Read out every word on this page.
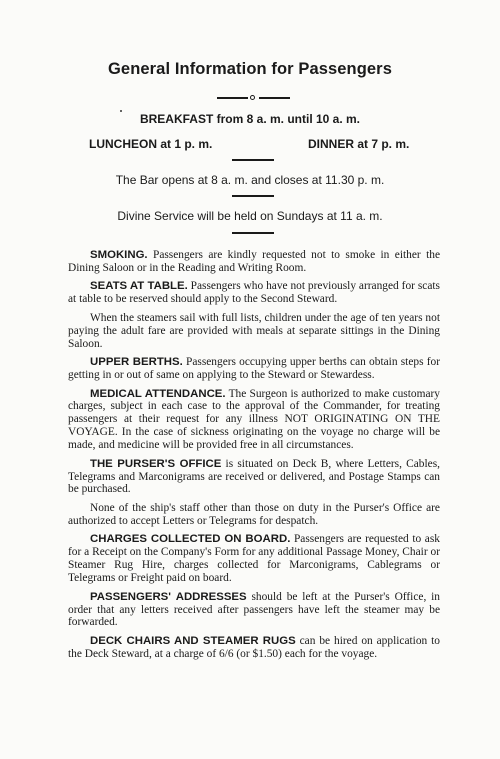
General Information for Passengers
BREAKFAST from 8 a. m. until 10 a. m.
LUNCHEON at 1 p. m.	DINNER at 7 p. m.
The Bar opens at 8 a. m. and closes at 11.30 p. m.
Divine Service will be held on Sundays at 11 a. m.

SMOKING. Passengers are kindly requested not to smoke in either the Dining Saloon or in the Reading and Writing Room.

SEATS AT TABLE. Passengers who have not previously arranged for scats at table to be reserved should apply to the Second Steward.

When the steamers sail with full lists, children under the age of ten years not paying the adult fare are provided with meals at separate sittings in the Dining Saloon.

UPPER BERTHS. Passengers occupying upper berths can obtain steps for getting in or out of same on applying to the Steward or Stewardess.

MEDICAL ATTENDANCE. The Surgeon is authorized to make customary charges, subject in each case to the approval of the Commander, for treating passengers at their request for any illness NOT ORIGINATING ON THE VOYAGE. In the case of sickness originating on the voyage no charge will be made, and medicine will be provided free in all circumstances.

THE PURSER'S OFFICE is situated on Deck B, where Letters, Cables, Telegrams and Marconigrams are received or delivered, and Postage Stamps can be purchased.

None of the ship's staff other than those on duty in the Purser's Office are authorized to accept Letters or Telegrams for despatch.

CHARGES COLLECTED ON BOARD. Passengers are requested to ask for a Receipt on the Company's Form for any additional Passage Money, Chair or Steamer Rug Hire, charges collected for Marconigrams, Cablegrams or Telegrams or Freight paid on board.

PASSENGERS' ADDRESSES should be left at the Purser's Office, in order that any letters received after passengers have left the steamer may be forwarded.

DECK CHAIRS AND STEAMER RUGS can be hired on application to the Deck Steward, at a charge of 6/6 (or $1.50) each for the voyage.
